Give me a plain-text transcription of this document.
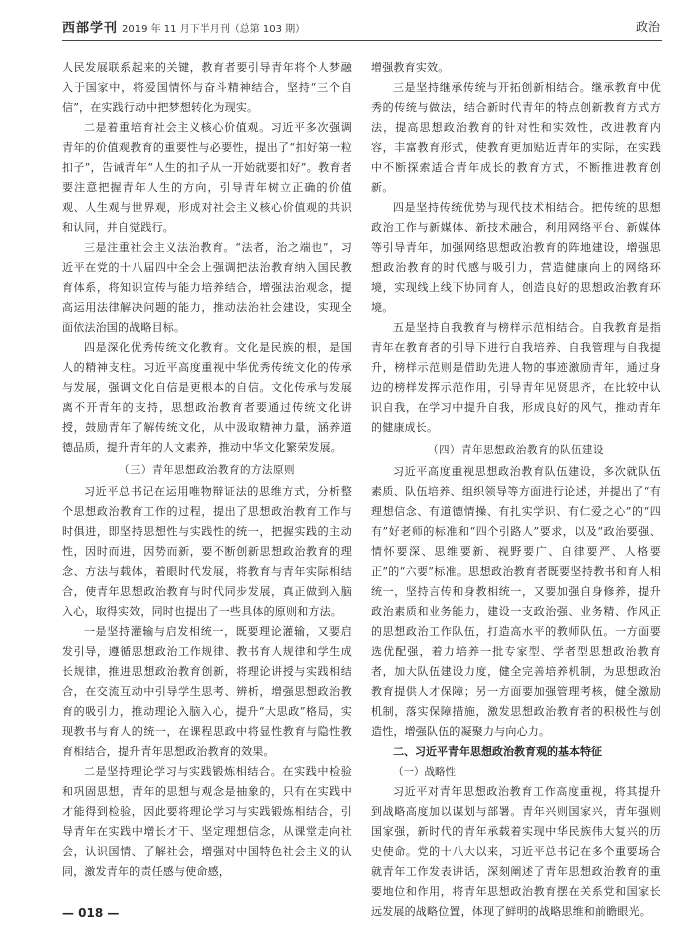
西部学刊 2019 年 11 月下半月刊（总第 103 期）	政治

人民发展联系起来的关键，教育者要引导青年将个人梦融入于国家中，将爱国情怀与奋斗精神结合，坚持“三个自信”，在实践行动中把梦想转化为现实。

二是着重培育社会主义核心价值观。习近平多次强调青年的价值观教育的重要性与必要性，提出了“扣好第一粒扣子”，告诫青年“人生的扣子从一开始就要扣好”。教育者要注意把握青年人生的方向，引导青年树立正确的价值观、人生观与世界观，形成对社会主义核心价值观的共识和认同，并自觉践行。

三是注重社会主义法治教育。“法者，治之端也”，习近平在党的十八届四中全会上强调把法治教育纳入国民教育体系，将知识宣传与能力培养结合，增强法治观念，提高运用法律解决问题的能力，推动法治社会建设，实现全面依法治国的战略目标。

四是深化优秀传统文化教育。文化是民族的根，是国人的精神支柱。习近平高度重视中华优秀传统文化的传承与发展，强调文化自信是更根本的自信。文化传承与发展离不开青年的支持，思想政治教育者要通过传统文化讲授，鼓励青年了解传统文化，从中汲取精神力量，涵养道德品质，提升青年的人文素养，推动中华文化繁荣发展。

（三）青年思想政治教育的方法原则

习近平总书记在运用唯物辩证法的思维方式，分析整个思想政治教育工作的过程，提出了思想政治教育工作与时俱进，即坚持思想性与实践性的统一，把握实践的主动性，因时而进，因势而新，要不断创新思想政治教育的理念、方法与载体，着眼时代发展，将教育与青年实际相结合，使青年思想政治教育与时代同步发展，真正做到入脑入心，取得实效，同时也提出了一些具体的原则和方法。

一是坚持灌输与启发相统一，既要理论灌输，又要启发引导，遵循思想政治工作规律、教书育人规律和学生成长规律，推进思想政治教育创新，将理论讲授与实践相结合，在交流互动中引导学生思考、辨析，增强思想政治教育的吸引力，推动理论入脑入心，提升“大思政”格局，实现教书与育人的统一，在课程思政中将显性教育与隐性教育相结合，提升青年思想政治教育的效果。

二是坚持理论学习与实践锻炼相结合。在实践中检验和巩固思想，青年的思想与观念是抽象的，只有在实践中才能得到检验，因此要将理论学习与实践锻炼相结合，引导青年在实践中增长才干、坚定理想信念，从课堂走向社会，认识国情、了解社会，增强对中国特色社会主义的认同，激发青年的责任感与使命感，

增强教育实效。

三是坚持继承传统与开拓创新相结合。继承教育中优秀的传统与做法，结合新时代青年的特点创新教育方式方法，提高思想政治教育的针对性和实效性，改进教育内容，丰富教育形式，使教育更加贴近青年的实际，在实践中不断探索适合青年成长的教育方式，不断推进教育创新。

四是坚持传统优势与现代技术相结合。把传统的思想政治工作与新媒体、新技术融合，利用网络平台、新媒体等引导青年，加强网络思想政治教育的阵地建设，增强思想政治教育的时代感与吸引力，营造健康向上的网络环境，实现线上线下协同育人，创造良好的思想政治教育环境。

五是坚持自我教育与榜样示范相结合。自我教育是指青年在教育者的引导下进行自我培养、自我管理与自我提升，榜样示范则是借助先进人物的事迹激励青年，通过身边的榜样发挥示范作用，引导青年见贤思齐，在比较中认识自我，在学习中提升自我，形成良好的风气，推动青年的健康成长。

（四）青年思想政治教育的队伍建设

习近平高度重视思想政治教育队伍建设，多次就队伍素质、队伍培养、组织领导等方面进行论述，并提出了“有理想信念、有道德情操、有扎实学识、有仁爱之心”的“四有”好老师的标准和“四个引路人”要求，以及“政治要强、情怀要深、思维要新、视野要广、自律要严、人格要正”的“六要”标准。思想政治教育者既要坚持教书和育人相统一，坚持言传和身教相统一，又要加强自身修养，提升政治素质和业务能力，建设一支政治强、业务精、作风正的思想政治工作队伍，打造高水平的教师队伍。一方面要选优配强，着力培养一批专家型、学者型思想政治教育者，加大队伍建设力度，健全完善培养机制，为思想政治教育提供人才保障；另一方面要加强管理考核，健全激励机制，落实保障措施，激发思想政治教育者的积极性与创造性，增强队伍的凝聚力与向心力。

二、习近平青年思想政治教育观的基本特征

（一）战略性

习近平对青年思想政治教育工作高度重视，将其提升到战略高度加以谋划与部署。青年兴则国家兴，青年强则国家强，新时代的青年承载着实现中华民族伟大复兴的历史使命。党的十八大以来，习近平总书记在多个重要场合就青年工作发表讲话，深刻阐述了青年思想政治教育的重要地位和作用，将青年思想政治教育摆在关系党和国家长远发展的战略位置，体现了鲜明的战略思维和前瞻眼光。

— 018 —
